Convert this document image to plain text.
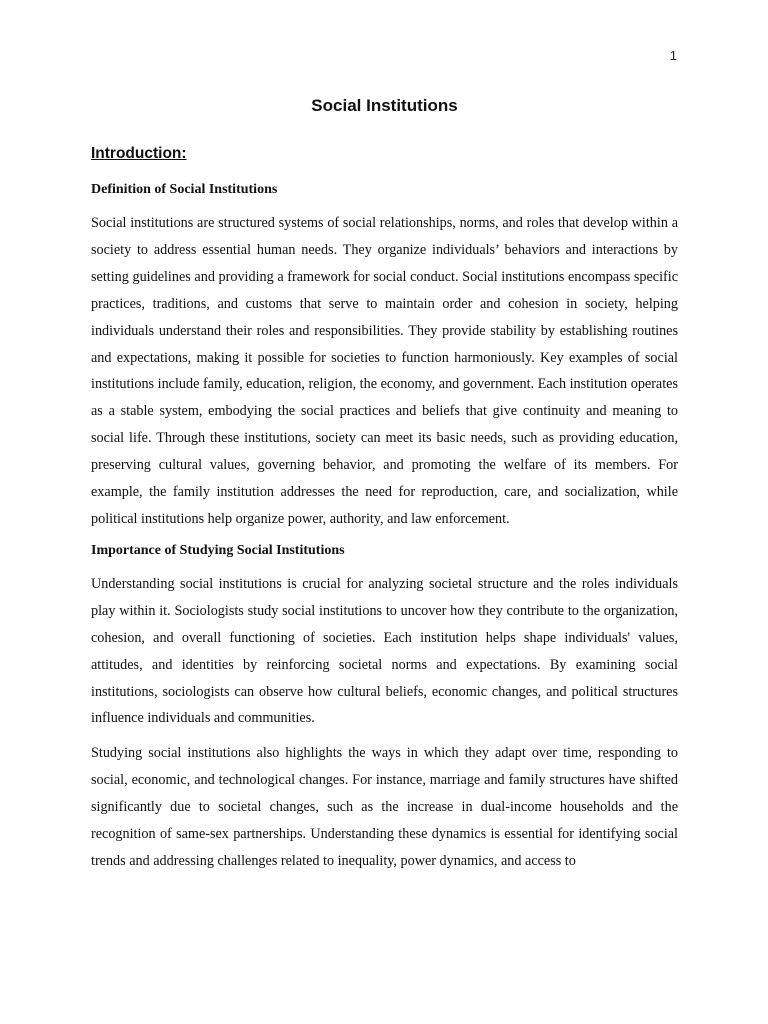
1
Social Institutions
Introduction:
Definition of Social Institutions

Social institutions are structured systems of social relationships, norms, and roles that develop within a society to address essential human needs. They organize individuals’ behaviors and interactions by setting guidelines and providing a framework for social conduct. Social institutions encompass specific practices, traditions, and customs that serve to maintain order and cohesion in society, helping individuals understand their roles and responsibilities. They provide stability by establishing routines and expectations, making it possible for societies to function harmoniously. Key examples of social institutions include family, education, religion, the economy, and government. Each institution operates as a stable system, embodying the social practices and beliefs that give continuity and meaning to social life. Through these institutions, society can meet its basic needs, such as providing education, preserving cultural values, governing behavior, and promoting the welfare of its members. For example, the family institution addresses the need for reproduction, care, and socialization, while political institutions help organize power, authority, and law enforcement.

Importance of Studying Social Institutions

Understanding social institutions is crucial for analyzing societal structure and the roles individuals play within it. Sociologists study social institutions to uncover how they contribute to the organization, cohesion, and overall functioning of societies. Each institution helps shape individuals' values, attitudes, and identities by reinforcing societal norms and expectations. By examining social institutions, sociologists can observe how cultural beliefs, economic changes, and political structures influence individuals and communities.

Studying social institutions also highlights the ways in which they adapt over time, responding to social, economic, and technological changes. For instance, marriage and family structures have shifted significantly due to societal changes, such as the increase in dual-income households and the recognition of same-sex partnerships. Understanding these dynamics is essential for identifying social trends and addressing challenges related to inequality, power dynamics, and access to
